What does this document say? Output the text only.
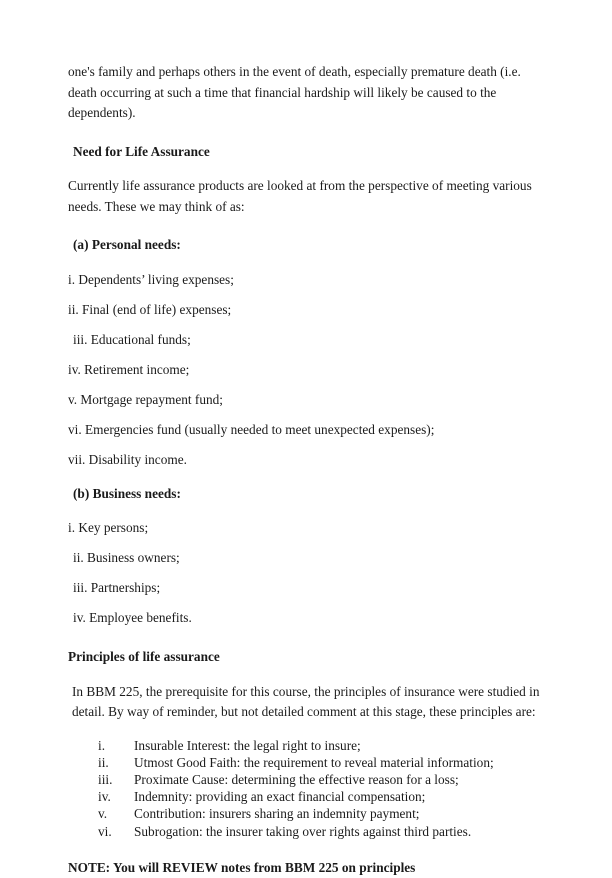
one's family and perhaps others in the event of death, especially premature death (i.e. death occurring at such a time that financial hardship will likely be caused to the dependents).

Need for Life Assurance

Currently life assurance products are looked at from the perspective of meeting various needs. These we may think of as:

(a) Personal needs:

i. Dependents’ living expenses;

ii. Final (end of life) expenses;

iii. Educational funds;

iv. Retirement income;

v. Mortgage repayment fund;

vi. Emergencies fund (usually needed to meet unexpected expenses);

vii. Disability income.

(b) Business needs:

i. Key persons;

ii. Business owners;

iii. Partnerships;

iv. Employee benefits.

Principles of life assurance

In BBM 225, the prerequisite for this course, the principles of insurance were studied in detail. By way of reminder, but not detailed comment at this stage, these principles are:

i.	Insurable Interest: the legal right to insure;
ii.	Utmost Good Faith: the requirement to reveal material information;
iii.	Proximate Cause: determining the effective reason for a loss;
iv.	Indemnity: providing an exact financial compensation;
v.	Contribution: insurers sharing an indemnity payment;
vi.	Subrogation: the insurer taking over rights against third parties.

NOTE: You will REVIEW notes from BBM 225 on principles
